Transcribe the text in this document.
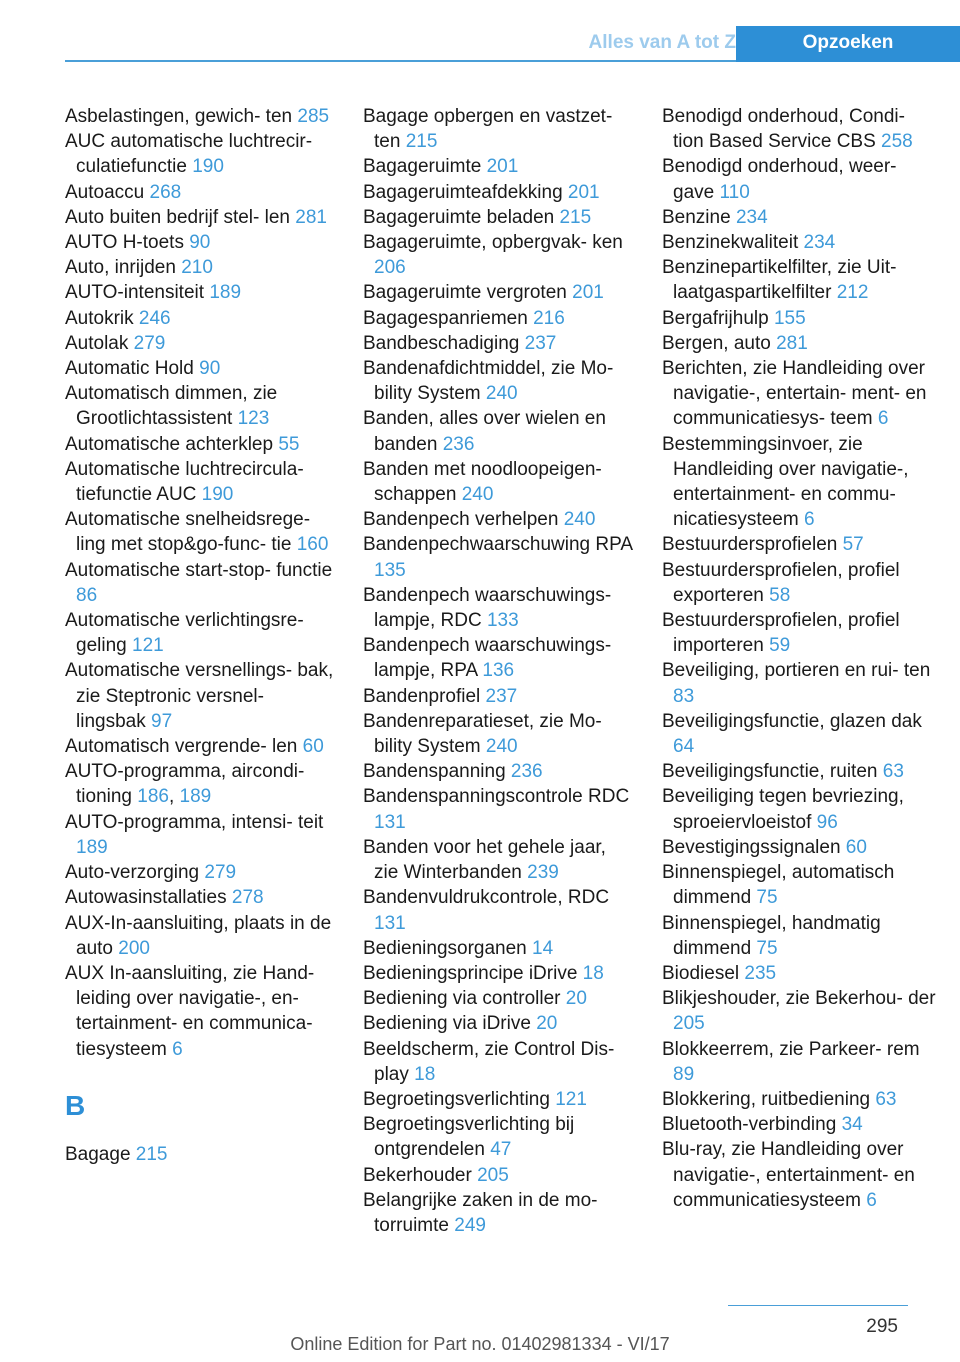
Alles van A tot Z	Opzoeken
Asbelastingen, gewich‐ ten 285
AUC automatische luchtrecir‐ culatiefunctie 190
Autoaccu 268
Auto buiten bedrijf stel‐ len 281
AUTO H-toets 90
Auto, inrijden 210
AUTO-intensiteit 189
Autokrik 246
Autolak 279
Automatic Hold 90
Automatisch dimmen, zie Grootlichtassistent 123
Automatische achterklep 55
Automatische luchtrecircula‐ tiefunctie AUC 190
Automatische snelheidsrege‐ ling met stop&go-func‐ tie 160
Automatische start-stop- functie 86
Automatische verlichtingsre‐ geling 121
Automatische versnellings‐ bak, zie Steptronic versnel‐ lingsbak 97
Automatisch vergrende‐ len 60
AUTO-programma, aircondi‐ tioning 186, 189
AUTO-programma, intensi‐ teit 189
Auto-verzorging 279
Autowasinstallaties 278
AUX-In-aansluiting, plaats in de auto 200
AUX In-aansluiting, zie Hand‐ leiding over navigatie-, en‐ tertainment- en communica‐ tiesysteem 6
B
Bagage 215
Bagage opbergen en vastzet‐ ten 215
Bagageruimte 201
Bagageruimteafdekking 201
Bagageruimte beladen 215
Bagageruimte, opbergvak‐ ken 206
Bagageruimte vergroten 201
Bagagespanriemen 216
Bandbeschadiging 237
Bandenafdichtmiddel, zie Mo‐ bility System 240
Banden, alles over wielen en banden 236
Banden met noodloopeigen‐ schappen 240
Bandenpech verhelpen 240
Bandenpechwaarschuwing RPA 135
Bandenpech waarschuwings‐ lampje, RDC 133
Bandenpech waarschuwings‐ lampje, RPA 136
Bandenprofiel 237
Bandenreparatieset, zie Mo‐ bility System 240
Bandenspanning 236
Bandenspanningscontrole RDC 131
Banden voor het gehele jaar, zie Winterbanden 239
Bandenvuldrukcontrole, RDC 131
Bedieningsorganen 14
Bedieningsprincipe iDrive 18
Bediening via controller 20
Bediening via iDrive 20
Beeldscherm, zie Control Dis‐ play 18
Begroetingsverlichting 121
Begroetingsverlichting bij ontgrendelen 47
Bekerhouder 205
Belangrijke zaken in de mo‐ torruimte 249
Benodigd onderhoud, Condi‐ tion Based Service CBS 258
Benodigd onderhoud, weer‐ gave 110
Benzine 234
Benzinekwaliteit 234
Benzinepartikelfilter, zie Uit‐ laatgaspartikelfilter 212
Bergafrijhulp 155
Bergen, auto 281
Berichten, zie Handleiding over navigatie-, entertain‐ ment- en communicatiesys‐ teem 6
Bestemmingsinvoer, zie Handleiding over navigatie-, entertainment- en commu‐ nicatiesysteem 6
Bestuurdersprofielen 57
Bestuurdersprofielen, profiel exporteren 58
Bestuurdersprofielen, profiel importeren 59
Beveiliging, portieren en rui‐ ten 83
Beveiligingsfunctie, glazen dak 64
Beveiligingsfunctie, ruiten 63
Beveiliging tegen bevriezing, sproeiervloeistof 96
Bevestigingssignalen 60
Binnenspiegel, automatisch dimmend 75
Binnenspiegel, handmatig dimmend 75
Biodiesel 235
Blikjeshouder, zie Bekerhou‐ der 205
Blokkeerrem, zie Parkeer‐ rem 89
Blokkering, ruitbediening 63
Bluetooth-verbinding 34
Blu-ray, zie Handleiding over navigatie-, entertainment- en communicatiesysteem 6
295
Online Edition for Part no. 01402981334 - VI/17
